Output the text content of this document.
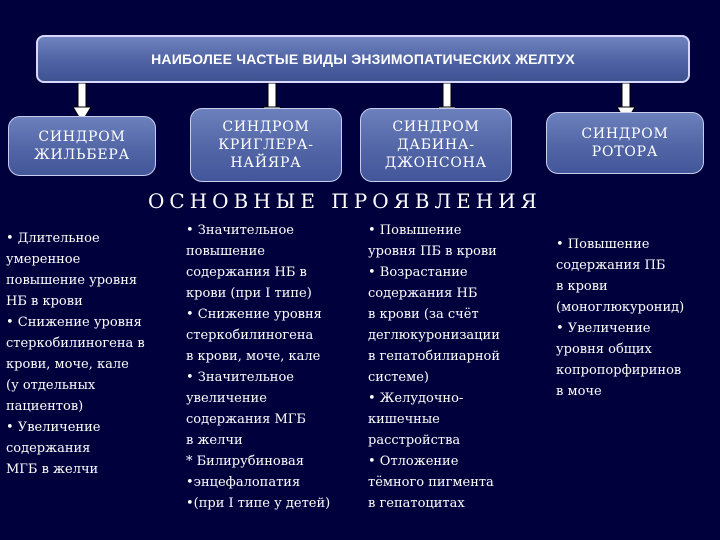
НАИБОЛЕЕ ЧАСТЫЕ ВИДЫ ЭНЗИМОПАТИЧЕСКИХ ЖЕЛТУХ
СИНДРОМ
ЖИЛЬБЕРА
СИНДРОМ
КРИГЛЕРА-
НАЙЯРА
СИНДРОМ
ДАБИНА-
ДЖОНСОНА
СИНДРОМ
РОТОРА
ОСНОВНЫЕ ПРОЯВЛЕНИЯ
• Длительное
умеренное
повышение уровня
НБ в крови
• Снижение уровня
стеркобилиногена в
крови, моче, кале
(у отдельных
пациентов)
• Увеличение
содержания
МГБ в желчи
• Значительное
повышение
содержания НБ в
крови (при I типе)
• Снижение уровня
стеркобилиногена
в крови, моче, кале
• Значительное
увеличение
содержания МГБ
в желчи
* Билирубиновая
•энцефалопатия
•(при I типе у детей)
• Повышение
уровня ПБ в крови
• Возрастание
содержания НБ
в крови (за счёт
деглюкуронизации
в гепатобилиарной
системе)
• Желудочно-
кишечные
расстройства
• Отложение
тёмного пигмента
в гепатоцитах
• Повышение
содержания ПБ
в крови
(моноглюкуронид)
• Увеличение
уровня общих
копропорфиринов
в моче
